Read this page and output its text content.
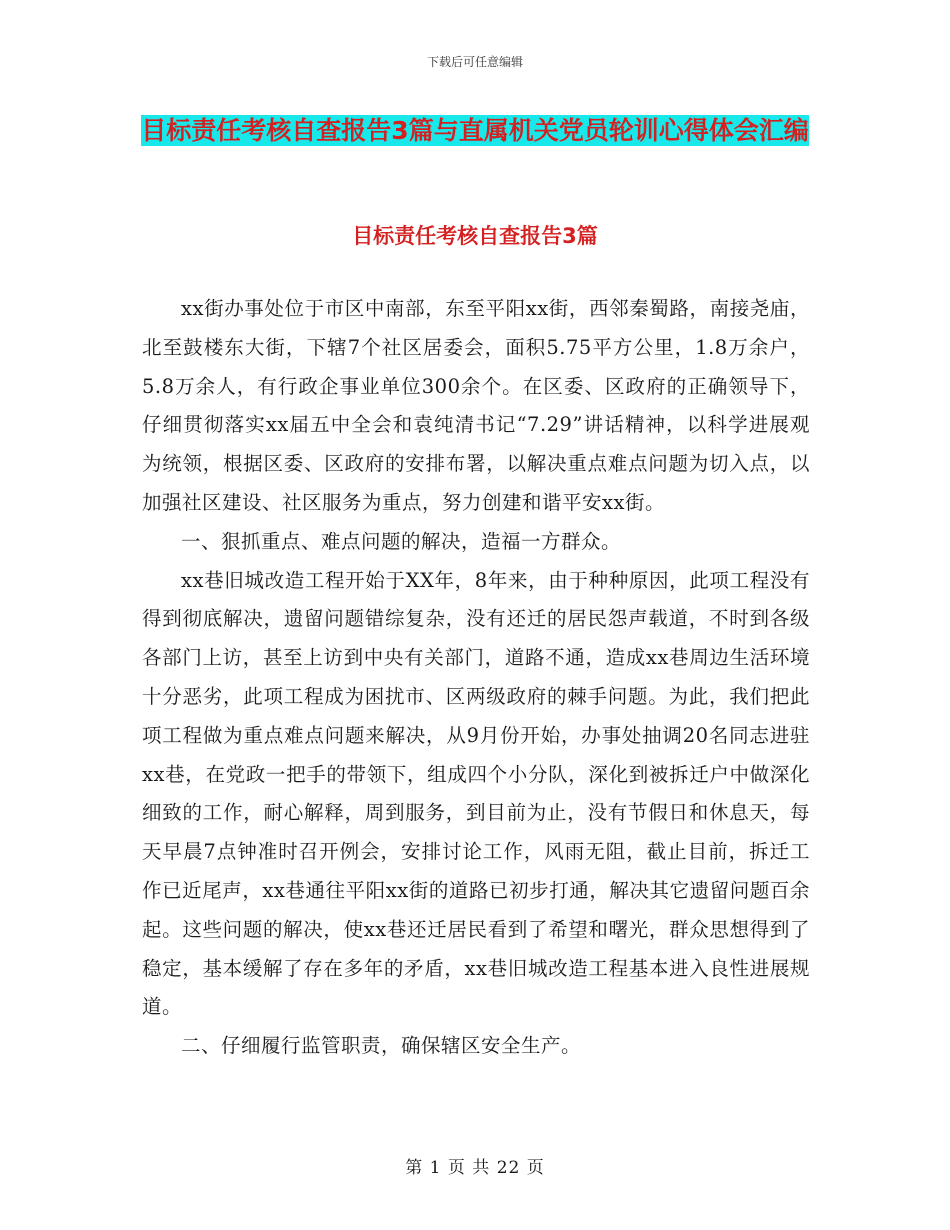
下载后可任意编辑
目标责任考核自查报告3篇与直属机关党员轮训心得体会汇编
目标责任考核自查报告3篇

xx街办事处位于市区中南部，东至平阳xx街，西邻秦蜀路，南接尧庙，北至鼓楼东大街，下辖7个社区居委会，面积5.75平方公里，1.8万余户，5.8万余人，有行政企事业单位300余个。在区委、区政府的正确领导下，仔细贯彻落实xx届五中全会和袁纯清书记“7.29”讲话精神，以科学进展观为统领，根据区委、区政府的安排布署，以解决重点难点问题为切入点，以加强社区建设、社区服务为重点，努力创建和谐平安xx街。

一、狠抓重点、难点问题的解决，造福一方群众。

xx巷旧城改造工程开始于XX年，8年来，由于种种原因，此项工程没有得到彻底解决，遗留问题错综复杂，没有还迁的居民怨声载道，不时到各级各部门上访，甚至上访到中央有关部门，道路不通，造成xx巷周边生活环境十分恶劣，此项工程成为困扰市、区两级政府的棘手问题。为此，我们把此项工程做为重点难点问题来解决，从9月份开始，办事处抽调20名同志进驻xx巷，在党政一把手的带领下，组成四个小分队，深化到被拆迁户中做深化细致的工作，耐心解释，周到服务，到目前为止，没有节假日和休息天，每天早晨7点钟准时召开例会，安排讨论工作，风雨无阻，截止目前，拆迁工作已近尾声，xx巷通往平阳xx街的道路已初步打通，解决其它遗留问题百余起。这些问题的解决，使xx巷还迁居民看到了希望和曙光，群众思想得到了稳定，基本缓解了存在多年的矛盾，xx巷旧城改造工程基本进入良性进展规道。

二、仔细履行监管职责，确保辖区安全生产。

第 1 页 共 22 页
